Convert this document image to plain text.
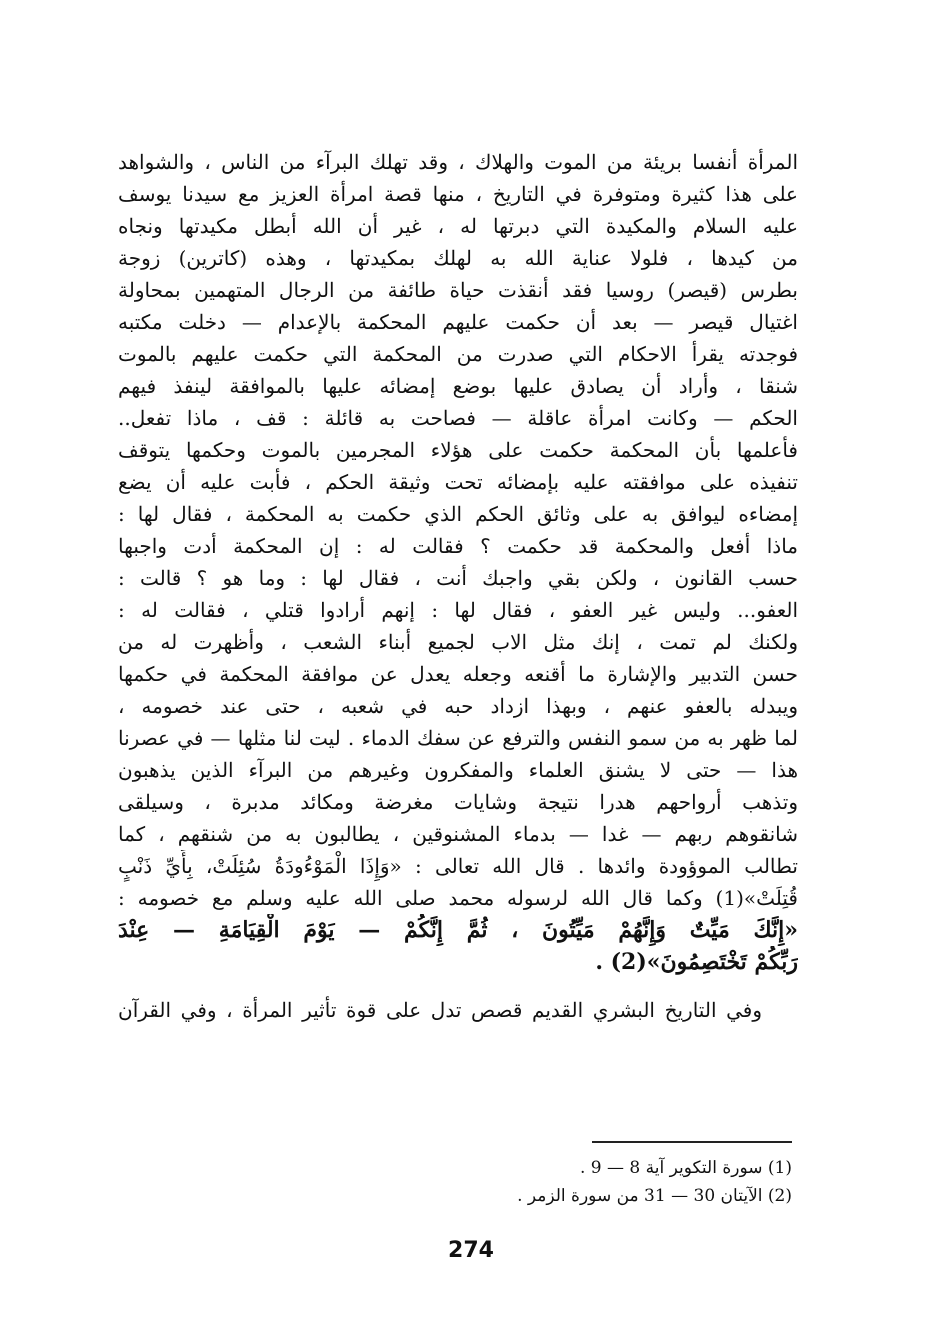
المرأة أنفسا بريئة من الموت والهلاك ، وقد تهلك البرآء من الناس ، والشواهد
على هذا كثيرة ومتوفرة في التاريخ ، منها قصة امرأة العزيز مع سيدنا يوسف
عليه السلام والمكيدة التي دبرتها له ، غير أن الله أبطل مكيدتها ونجاه
من كيدها ، فلولا عناية الله به لهلك بمكيدتها ، وهذه (كاترين) زوجة
بطرس (قيصر) روسيا فقد أنقذت حياة طائفة من الرجال المتهمين بمحاولة
اغتيال قيصر — بعد أن حكمت عليهم المحكمة بالإعدام — دخلت مكتبه
فوجدته يقرأ الاحكام التي صدرت من المحكمة التي حكمت عليهم بالموت
شنقا ، وأراد أن يصادق عليها بوضع إمضائه عليها بالموافقة لينفذ فيهم
الحكم — وكانت امرأة عاقلة — فصاحت به قائلة : قف ، ماذا تفعل..
فأعلمها بأن المحكمة حكمت على هؤلاء المجرمين بالموت وحكمها يتوقف
تنفيذه على موافقته عليه بإمضائه تحت وثيقة الحكم ، فأبت عليه أن يضع
إمضاءه ليوافق به على وثائق الحكم الذي حكمت به المحكمة ، فقال لها :
ماذا أفعل والمحكمة قد حكمت ؟ فقالت له : إن المحكمة أدت واجبها
حسب القانون ، ولكن بقي واجبك أنت ، فقال لها : وما هو ؟ قالت :
العفو... وليس غير العفو ، فقال لها : إنهم أرادوا قتلي ، فقالت له :
ولكنك لم تمت ، إنك مثل الاب لجميع أبناء الشعب ، وأظهرت له من
حسن التدبير والإشارة ما أقنعه وجعله يعدل عن موافقة المحكمة في حكمها
ويبدله بالعفو عنهم ، وبهذا ازداد حبه في شعبه ، حتى عند خصومه ،
لما ظهر به من سمو النفس والترفع عن سفك الدماء . ليت لنا مثلها — في عصرنا
هذا — حتى لا يشنق العلماء والمفكرون وغيرهم من البرآء الذين يذهبون
وتذهب أرواحهم هدرا نتيجة وشايات مغرضة ومكائد مدبرة ، وسيلقى
شانقوهم ربهم — غدا — بدماء المشنوقين ، يطالبون به من شنقهم ، كما
تطالب الموؤودة وائدها . قال الله تعالى : «وَإِذَا الْمَوْءُودَةُ سُئِلَتْ، بِأَيِّ ذَنْبٍ
قُتِلَتْ»(1) وكما قال الله لرسوله محمد صلى الله عليه وسلم مع خصومه :
«إِنَّكَ مَيِّتٌ وَإِنَّهُمْ مَيِّتُونَ ، ثُمَّ إِنَّكُمْ — يَوْمَ الْقِيَامَةِ — عِنْدَ
رَبِّكُمْ تَخْتَصِمُونَ»(2) .
وفي التاريخ البشري القديم قصص تدل على قوة تأثير المرأة ، وفي القرآن
(1) سورة التكوير آية 8 — 9 .
(2) الآيتان 30 — 31 من سورة الزمر .
274
